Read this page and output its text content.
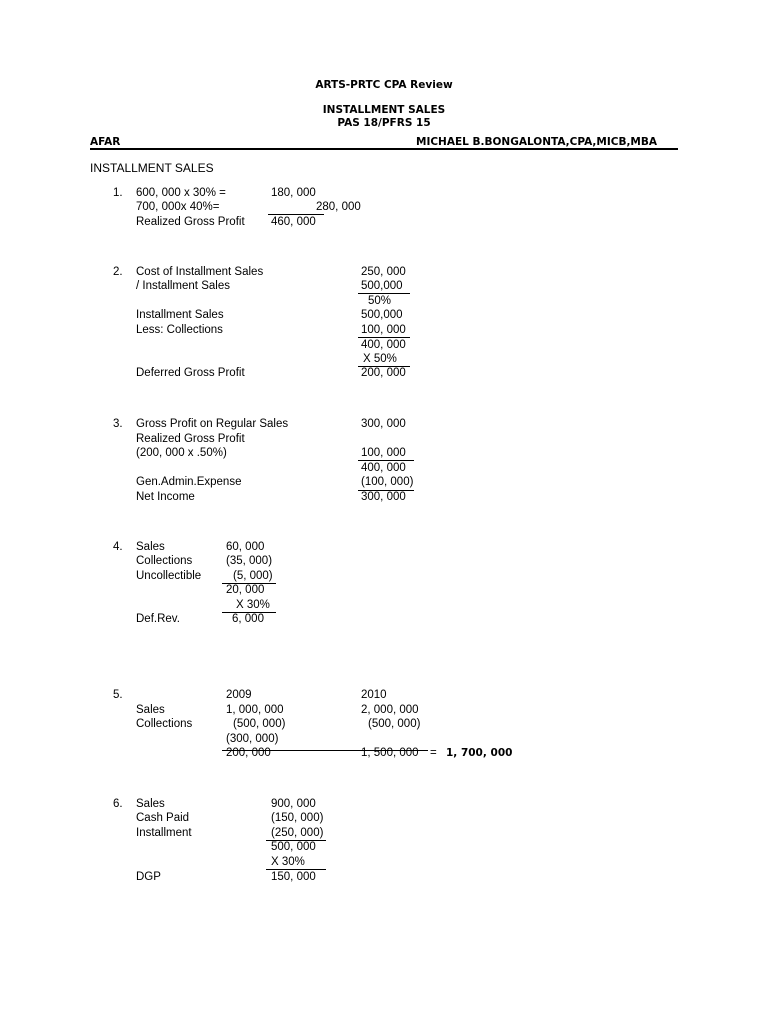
ARTS-PRTC CPA Review
INSTALLMENT SALES
PAS 18/PFRS 15
AFAR	MICHAEL B.BONGALONTA,CPA,MICB,MBA
INSTALLMENT SALES
1. 600, 000 x 30% =	180, 000
700, 000x 40%=	280, 000
Realized Gross Profit 460, 000
2. Cost of Installment Sales	250, 000
/ Installment Sales	500,000
50%
Installment Sales	500,000
Less: Collections	100, 000
400, 000
X 50%
Deferred Gross Profit	200, 000
3. Gross Profit on Regular Sales	300, 000
Realized Gross Profit
(200, 000 x .50%)	100, 000
400, 000
Gen.Admin.Expense	(100, 000)
Net Income	300, 000
4. Sales	60, 000
Collections	(35, 000)
Uncollectible	(5, 000)
20, 000
X 30%
Def.Rev.	6, 000
5.	2009	2010
Sales	1, 000, 000	2, 000, 000
Collections	(500, 000)	(500, 000)
(300, 000)
200, 000	1, 500, 000 = 1, 700, 000
6. Sales	900, 000
Cash Paid	(150, 000)
Installment	(250, 000)
500, 000
X 30%
DGP	150, 000
